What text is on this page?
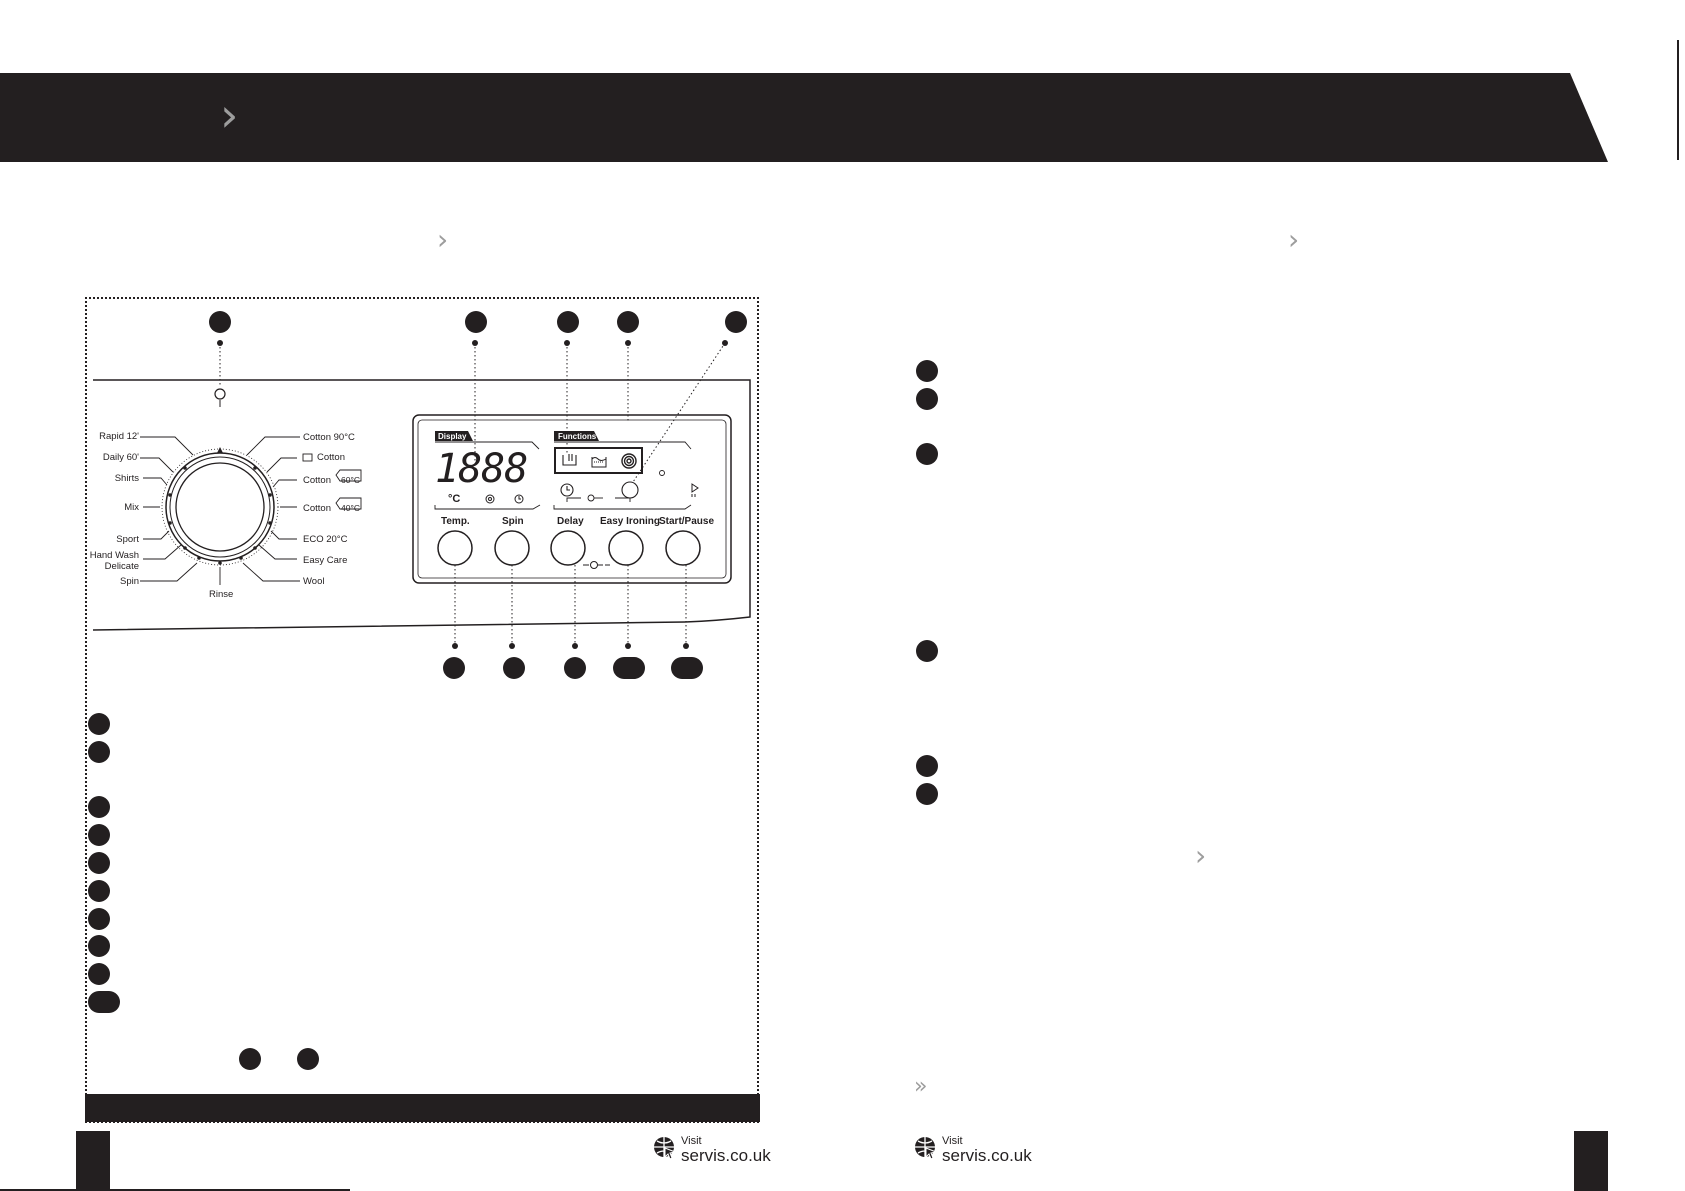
›
›	›
›
»
Rapid 12'
Daily 60'
Shirts
Mix
Sport
Hand Wash
Delicate
Spin
Rinse
Cotton 90°C
Cotton
Cotton 60°C
Cotton 40°C
ECO 20°C
Easy Care
Wool
Display	Functions
1888
°C
Temp.	Spin	Delay Easy Ironing
Start/Pause
Visit
servis.co.uk
Visit
servis.co.uk
